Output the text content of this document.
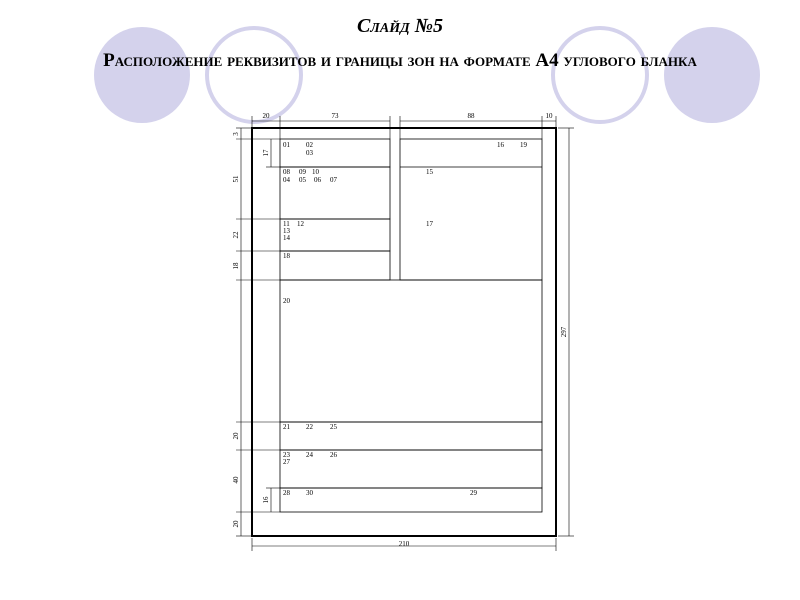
Слайд №5
Расположение реквизитов и границы зон на формате А4 углового бланка
20	73	88	10
3
17
51
22
18
20
40
16
20
210
297
01 02
03
08 09 10
04 05 06 07
11 12
13
14
18
16 19
15
17
20
21 22 25
23 24 26
27
28 30	29
